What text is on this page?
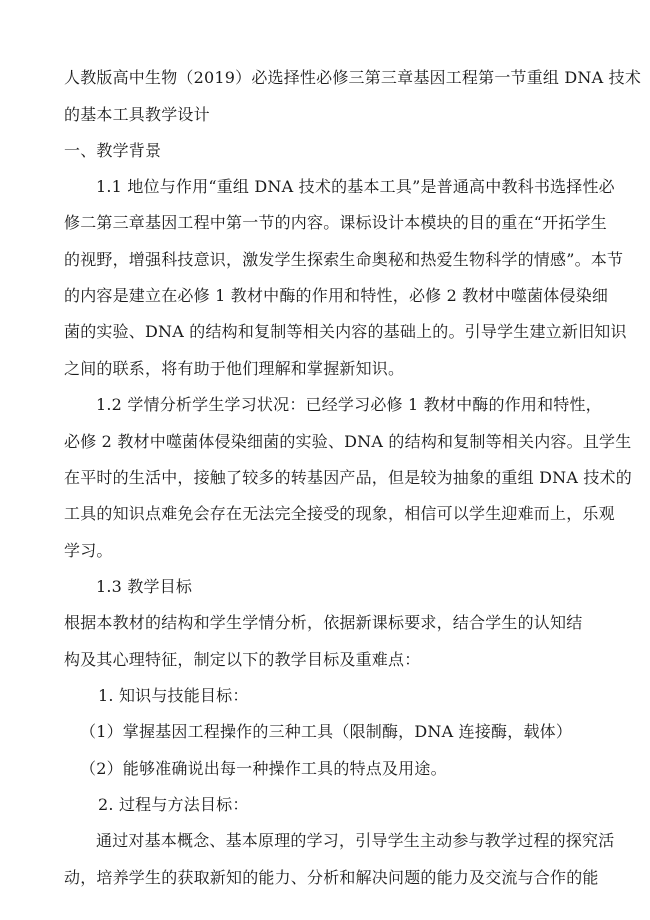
人教版高中生物（2019）必选择性必修三第三章基因工程第一节重组 DNA 技术
的基本工具教学设计
一、教学背景
1.1 地位与作用“重组 DNA 技术的基本工具”是普通高中教科书选择性必
修二第三章基因工程中第一节的内容。课标设计本模块的目的重在“开拓学生
的视野，增强科技意识，激发学生探索生命奥秘和热爱生物科学的情感”。本节
的内容是建立在必修 1 教材中酶的作用和特性，必修 2 教材中噬菌体侵染细
菌的实验、DNA 的结构和复制等相关内容的基础上的。引导学生建立新旧知识
之间的联系，将有助于他们理解和掌握新知识。
1.2 学情分析学生学习状况：已经学习必修 1 教材中酶的作用和特性，
必修 2 教材中噬菌体侵染细菌的实验、DNA 的结构和复制等相关内容。且学生
在平时的生活中，接触了较多的转基因产品，但是较为抽象的重组 DNA 技术的
工具的知识点难免会存在无法完全接受的现象，相信可以学生迎难而上，乐观
学习。
1.3 教学目标
根据本教材的结构和学生学情分析，依据新课标要求，结合学生的认知结
构及其心理特征，制定以下的教学目标及重难点：
1. 知识与技能目标：
（1）掌握基因工程操作的三种工具（限制酶，DNA 连接酶，载体）
（2）能够准确说出每一种操作工具的特点及用途。
2. 过程与方法目标：
通过对基本概念、基本原理的学习，引导学生主动参与教学过程的探究活
动，培养学生的获取新知的能力、分析和解决问题的能力及交流与合作的能
